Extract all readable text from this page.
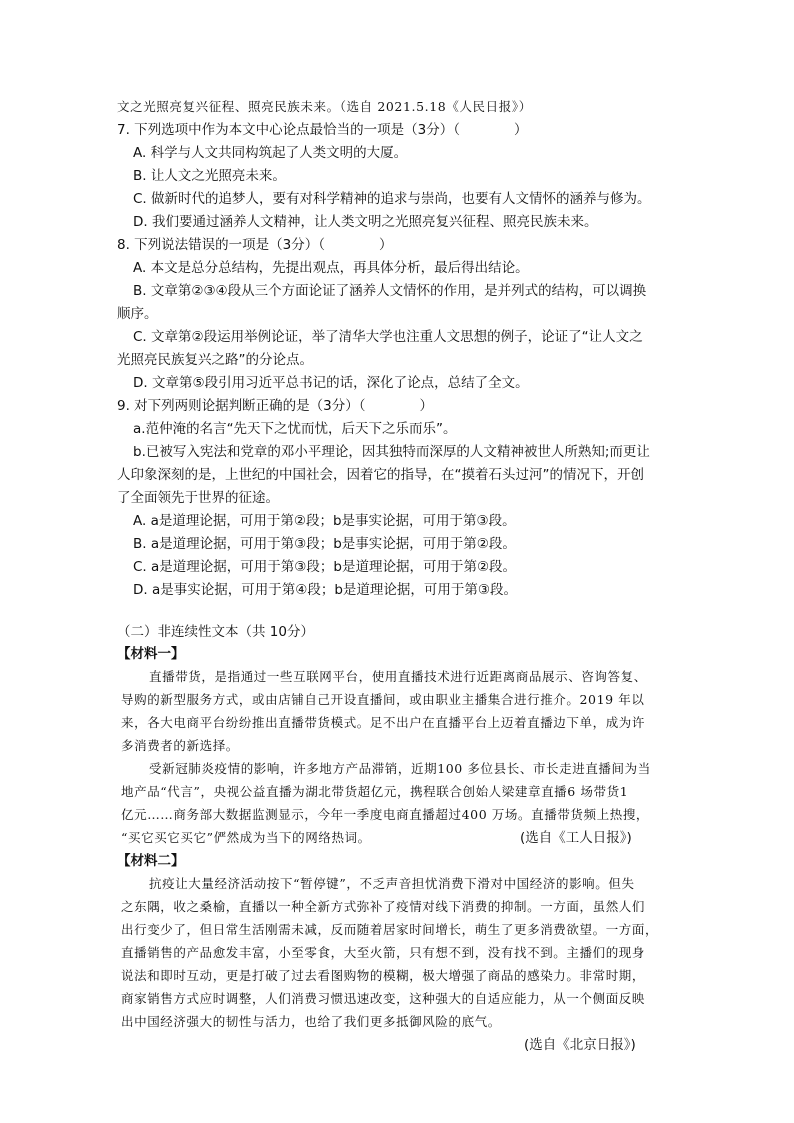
文之光照亮复兴征程、照亮民族未来。（选自 2021.5.18《人民日报》）

7. 下列选项中作为本文中心论点最恰当的一项是（3分）（　　　　）

A. 科学与人文共同构筑起了人类文明的大厦。

B. 让人文之光照亮未来。

C. 做新时代的追梦人，要有对科学精神的追求与崇尚，也要有人文情怀的涵养与修为。

D. 我们要通过涵养人文精神，让人类文明之光照亮复兴征程、照亮民族未来。

8. 下列说法错误的一项是（3分）（　　　　）

A. 本文是总分总结构，先提出观点，再具体分析，最后得出结论。

B. 文章第②③④段从三个方面论证了涵养人文情怀的作用，是并列式的结构，可以调换

顺序。

C. 文章第②段运用举例论证，举了清华大学也注重人文思想的例子，论证了“让人文之

光照亮民族复兴之路”的分论点。

D. 文章第⑤段引用习近平总书记的话，深化了论点，总结了全文。

9. 对下列两则论据判断正确的是（3分）（　　　　）

a.范仲淹的名言“先天下之忧而忧，后天下之乐而乐”。

b.已被写入宪法和党章的邓小平理论，因其独特而深厚的人文精神被世人所熟知;而更让

人印象深刻的是，上世纪的中国社会，因着它的指导，在“摸着石头过河”的情况下，开创

了全面领先于世界的征途。

A. a是道理论据，可用于第②段；b是事实论据，可用于第③段。

B. a是道理论据，可用于第③段；b是事实论据，可用于第②段。

C. a是道理论据，可用于第③段；b是道理论据，可用于第②段。

D. a是事实论据，可用于第④段；b是道理论据，可用于第③段。

（二）非连续性文本（共 10分）

【材料一】

直播带货，是指通过一些互联网平台，使用直播技术进行近距离商品展示、咨询答复、

导购的新型服务方式，或由店铺自己开设直播间，或由职业主播集合进行推介。2019 年以

来，各大电商平台纷纷推出直播带货模式。足不出户在直播平台上迈着直播边下单，成为许

多消费者的新选择。

受新冠肺炎疫情的影响，许多地方产品滞销，近期100 多位县长、市长走进直播间为当

地产品“代言”，央视公益直播为湖北带货超亿元，携程联合创始人梁建章直播6 场带货1

亿元……商务部大数据监测显示，今年一季度电商直播超过400 万场。直播带货频上热搜，

“买它买它买它”俨然成为当下的网络热词。	(选自《工人日报》)

【材料二】

抗疫让大量经济活动按下“暂停键”，不乏声音担忧消费下滑对中国经济的影响。但失

之东隅，收之桑榆，直播以一种全新方式弥补了疫情对线下消费的抑制。一方面，虽然人们

出行变少了，但日常生活刚需未减，反而随着居家时间增长，萌生了更多消费欲望。一方面，

直播销售的产品愈发丰富，小至零食，大至火箭，只有想不到，没有找不到。主播们的现身

说法和即时互动，更是打破了过去看图购物的模糊，极大增强了商品的感染力。非常时期，

商家销售方式应时调整，人们消费习惯迅速改变，这种强大的自适应能力，从一个侧面反映

出中国经济强大的韧性与活力，也给了我们更多抵御风险的底气。

(选自《北京日报》)
